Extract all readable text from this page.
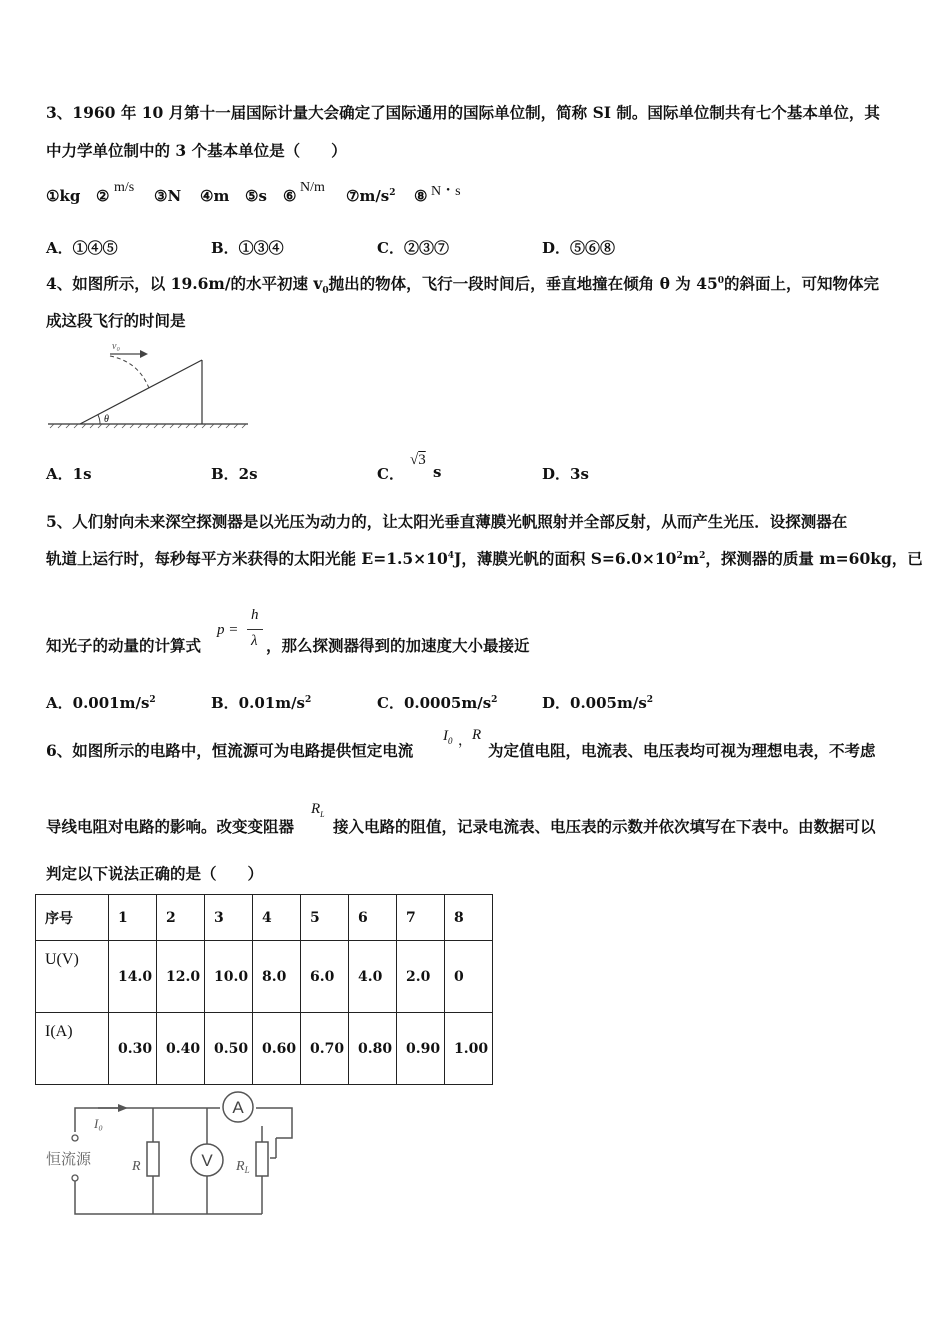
3、1960 年 10 月第十一届国际计量大会确定了国际通用的国际单位制，简称 SI 制。国际单位制共有七个基本单位，其
中力学单位制中的 3 个基本单位是（　　）
①kg ② m/s ③N ④m ⑤s ⑥ N/m $⑦m/s^2$ ⑧ N・s
A．①④⑤	B．①③④	C．②③⑦	D．⑤⑥⑧
4、如图所示，以 19.6m/的水平初速 $v_0$抛出的物体，飞行一段时间后，垂直地撞在倾角 θ 为 $45^0$的斜面上，可知物体完
成这段飞行的时间是
θ
v₀
A．1s	B．2s	C．
√3
s	D．3s
5、人们射向未来深空探测器是以光压为动力的，让太阳光垂直薄膜光帆照射并全部反射，从而产生光压．设探测器在
轨道上运行时，每秒每平方米获得的太阳光能 $E=1.5\times 10^4J$，薄膜光帆的面积 $S=6.0\times 10^2m^2$，探测器的质量 m=60kg，已
知光子的动量的计算式
p =
h
λ ，那么探测器得到的加速度大小最接近
A．$0.001m/s^2$	B．$0.01m/s^2$	C．$0.0005m/s^2$	D．$0.005m/s^2$
6、如图所示的电路中，恒流源可为电路提供恒定电流
$I_0$ ， R
为定值电阻，电流表、电压表均可视为理想电表，不考虑
导线电阻对电路的影响。改变变阻器
$R_L$
接入电路的阻值，记录电流表、电压表的示数并依次填写在下表中。由数据可以
判定以下说法正确的是（　　）
序号	1	2	3	4	5	6	7	8
U(V)	14.0	12.0	10.0	8.0	6.0	4.0	2.0	0
I(A)	0.30	0.40	0.50	0.60	0.70	0.80	0.90	1.00
A
V
I₀
恒流源	R	$R_L$
